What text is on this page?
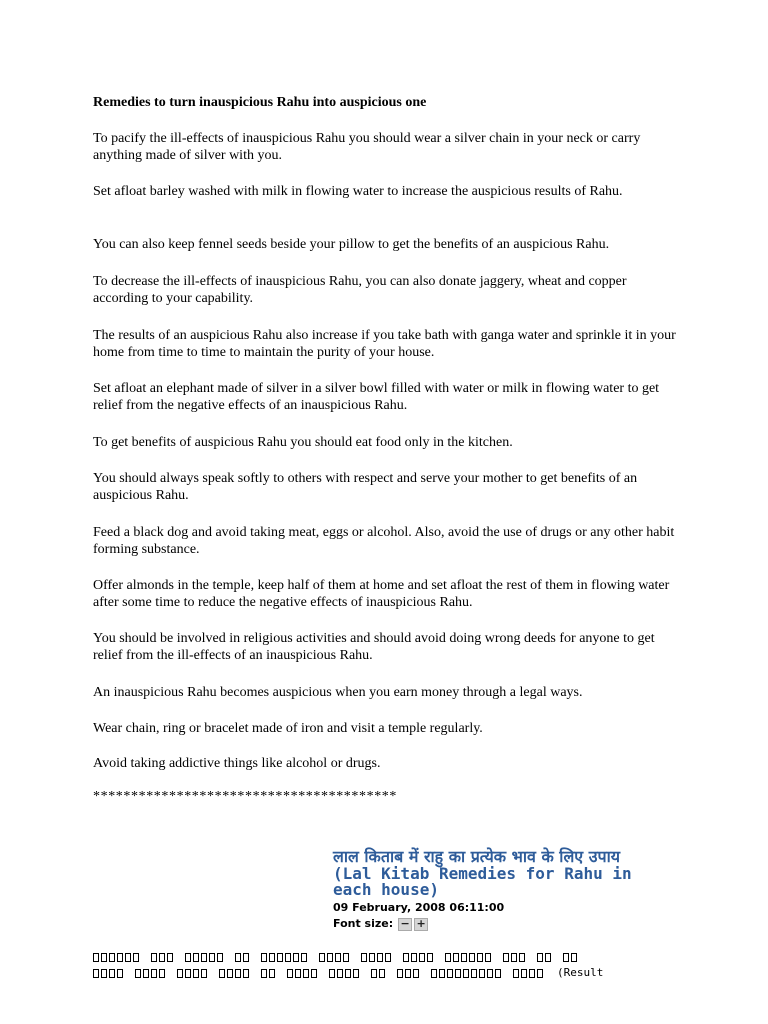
Remedies to turn inauspicious Rahu into auspicious one
To pacify the ill-effects of inauspicious Rahu you should wear a silver chain in your neck or carry anything made of silver with you.
Set afloat barley washed with milk in flowing water to increase the auspicious results of Rahu.
You can also keep fennel seeds beside your pillow to get the benefits of an auspicious Rahu.
To decrease the ill-effects of inauspicious Rahu, you can also donate jaggery, wheat and copper according to your capability.
The results of an auspicious Rahu also increase if you take bath with ganga water and sprinkle it in your home from time to time to maintain the purity of your house.
Set afloat an elephant made of silver in a silver bowl filled with water or milk in flowing water to get relief from the negative effects of an inauspicious Rahu.
To get benefits of auspicious Rahu you should eat food only in the kitchen.
You should always speak softly to others with respect and serve your mother to get benefits of an auspicious Rahu.
Feed a black dog and avoid taking meat, eggs or alcohol. Also, avoid the use of drugs or any other habit forming substance.
Offer almonds in the temple, keep half of them at home and set afloat the rest of them in flowing water after some time to reduce the negative effects of inauspicious Rahu.
You should be involved in religious activities and should avoid doing wrong deeds for anyone to get relief from the ill-effects of an inauspicious Rahu.
An inauspicious Rahu becomes auspicious when you earn money through a legal ways.
Wear chain, ring or bracelet made of iron and visit a temple regularly.
Avoid taking addictive things like alcohol or drugs.
****************************************
लाल किताब में राहु का प्रत्येक भाव के लिए उपाय
(Lal Kitab Remedies for Rahu in each house)
09 February, 2008 06:11:00
Font size: − +
(Result
